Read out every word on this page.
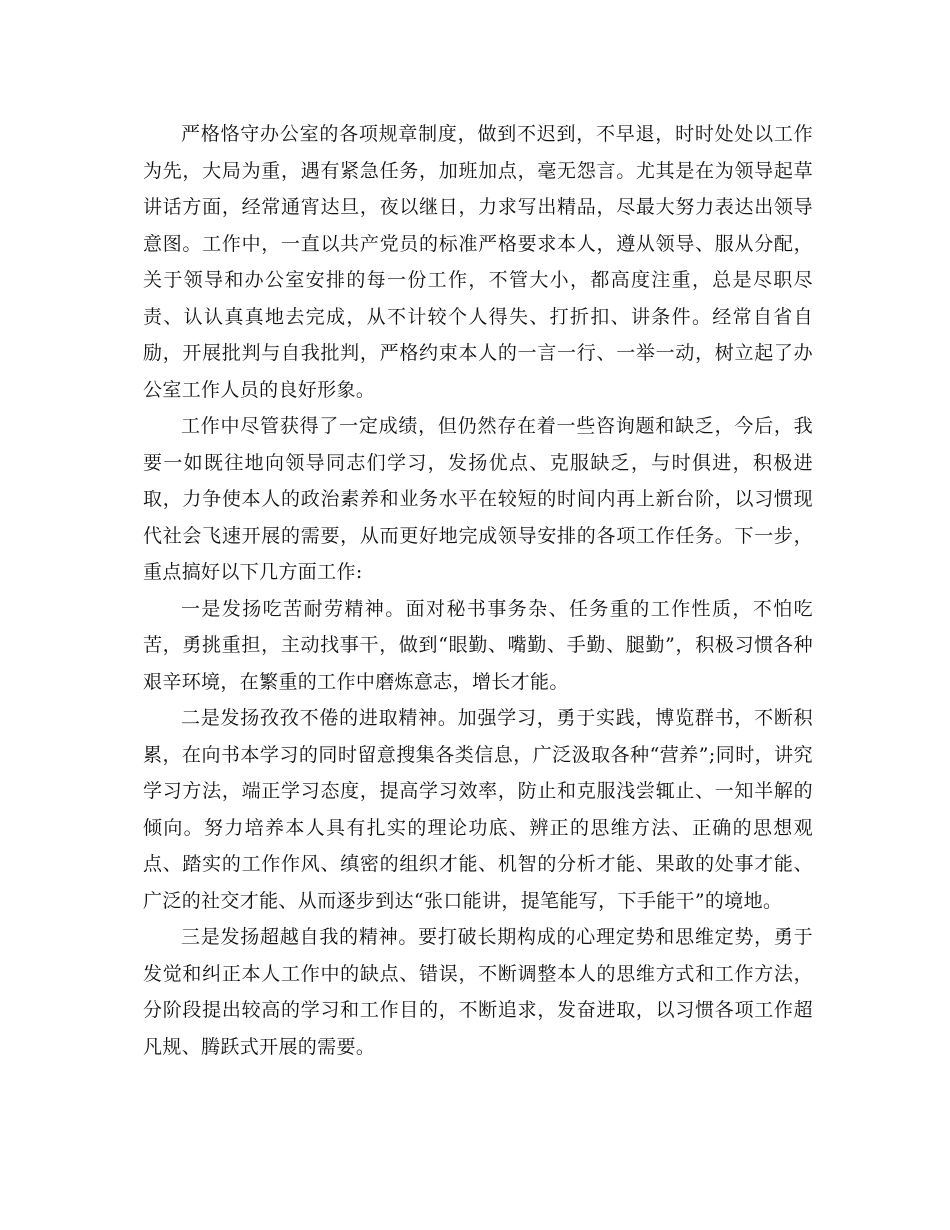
严格恪守办公室的各项规章制度，做到不迟到，不早退，时时处处以工作为先，大局为重，遇有紧急任务，加班加点，毫无怨言。尤其是在为领导起草讲话方面，经常通宵达旦，夜以继日，力求写出精品，尽最大努力表达出领导意图。工作中，一直以共产党员的标准严格要求本人，遵从领导、服从分配，关于领导和办公室安排的每一份工作，不管大小，都高度注重，总是尽职尽责、认认真真地去完成，从不计较个人得失、打折扣、讲条件。经常自省自励，开展批判与自我批判，严格约束本人的一言一行、一举一动，树立起了办公室工作人员的良好形象。

工作中尽管获得了一定成绩，但仍然存在着一些咨询题和缺乏，今后，我要一如既往地向领导同志们学习，发扬优点、克服缺乏，与时俱进，积极进取，力争使本人的政治素养和业务水平在较短的时间内再上新台阶，以习惯现代社会飞速开展的需要，从而更好地完成领导安排的各项工作任务。下一步，重点搞好以下几方面工作:

一是发扬吃苦耐劳精神。面对秘书事务杂、任务重的工作性质，不怕吃苦，勇挑重担，主动找事干，做到“眼勤、嘴勤、手勤、腿勤”，积极习惯各种艰辛环境，在繁重的工作中磨炼意志，增长才能。

二是发扬孜孜不倦的进取精神。加强学习，勇于实践，博览群书，不断积累，在向书本学习的同时留意搜集各类信息，广泛汲取各种“营养”;同时，讲究学习方法，端正学习态度，提高学习效率，防止和克服浅尝辄止、一知半解的倾向。努力培养本人具有扎实的理论功底、辨正的思维方法、正确的思想观点、踏实的工作作风、缜密的组织才能、机智的分析才能、果敢的处事才能、广泛的社交才能、从而逐步到达“张口能讲，提笔能写，下手能干”的境地。

三是发扬超越自我的精神。要打破长期构成的心理定势和思维定势，勇于发觉和纠正本人工作中的缺点、错误，不断调整本人的思维方式和工作方法，分阶段提出较高的学习和工作目的，不断追求，发奋进取，以习惯各项工作超凡规、腾跃式开展的需要。
